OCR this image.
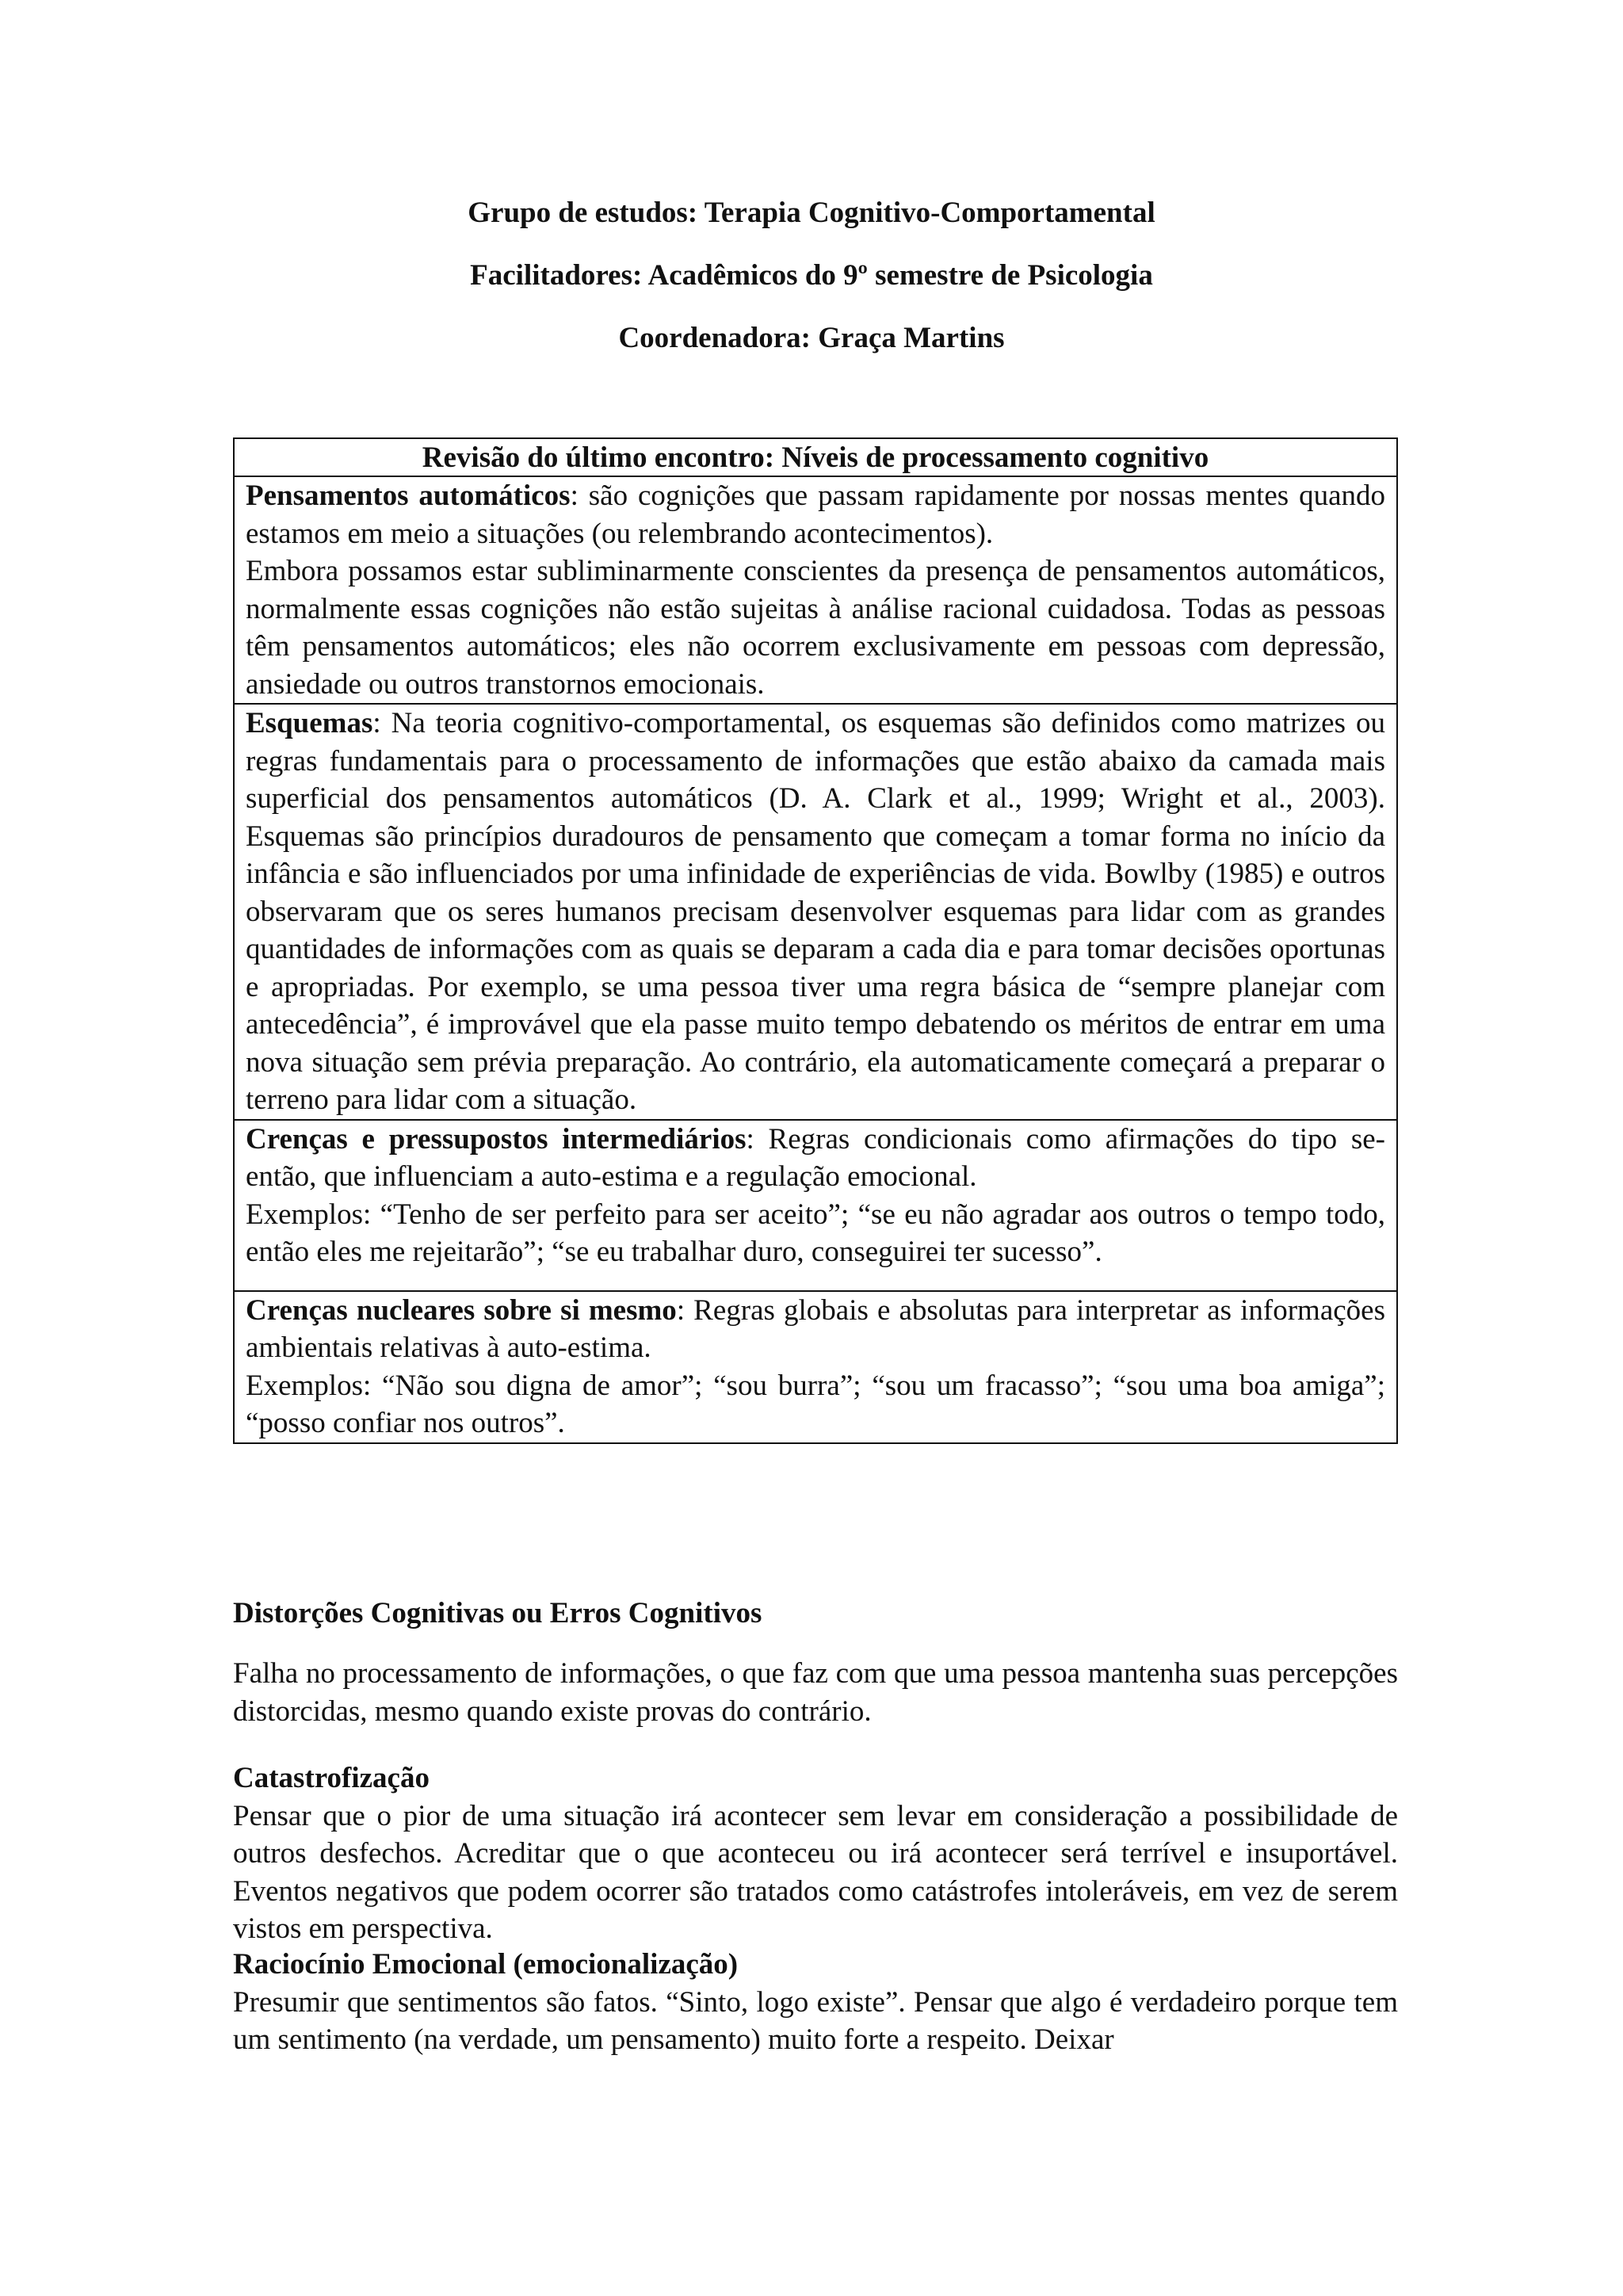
Grupo de estudos: Terapia Cognitivo-Comportamental
Facilitadores: Acadêmicos do 9º semestre de Psicologia
Coordenadora: Graça Martins
Revisão do último encontro: Níveis de processamento cognitivo

Pensamentos automáticos: são cognições que passam rapidamente por nossas mentes quando estamos em meio a situações (ou relembrando acontecimentos).

Embora possamos estar subliminarmente conscientes da presença de pensamentos automáticos, normalmente essas cognições não estão sujeitas à análise racional cuidadosa. Todas as pessoas têm pensamentos automáticos; eles não ocorrem exclusivamente em pessoas com depressão, ansiedade ou outros transtornos emocionais.

Esquemas: Na teoria cognitivo-comportamental, os esquemas são definidos como matrizes ou regras fundamentais para o processamento de informações que estão abaixo da camada mais superficial dos pensamentos automáticos (D. A. Clark et al., 1999; Wright et al., 2003). Esquemas são princípios duradouros de pensamento que começam a tomar forma no início da infância e são influenciados por uma infinidade de experiências de vida. Bowlby (1985) e outros observaram que os seres humanos precisam desenvolver esquemas para lidar com as grandes quantidades de informações com as quais se deparam a cada dia e para tomar decisões oportunas e apropriadas. Por exemplo, se uma pessoa tiver uma regra básica de “sempre planejar com antecedência”, é improvável que ela passe muito tempo debatendo os méritos de entrar em uma nova situação sem prévia preparação. Ao contrário, ela automaticamente começará a preparar o terreno para lidar com a situação.

Crenças e pressupostos intermediários: Regras condicionais como afirmações do tipo se-então, que influenciam a auto-estima e a regulação emocional.

Exemplos: “Tenho de ser perfeito para ser aceito”; “se eu não agradar aos outros o tempo todo, então eles me rejeitarão”; “se eu trabalhar duro, conseguirei ter sucesso”.

Crenças nucleares sobre si mesmo: Regras globais e absolutas para interpretar as informações ambientais relativas à auto-estima.

Exemplos: “Não sou digna de amor”; “sou burra”; “sou um fracasso”; “sou uma boa amiga”; “posso confiar nos outros”.

Distorções Cognitivas ou Erros Cognitivos

Falha no processamento de informações, o que faz com que uma pessoa mantenha suas percepções distorcidas, mesmo quando existe provas do contrário.

Catastrofização

Pensar que o pior de uma situação irá acontecer sem levar em consideração a possibilidade de outros desfechos. Acreditar que o que aconteceu ou irá acontecer será terrível e insuportável. Eventos negativos que podem ocorrer são tratados como catástrofes intoleráveis, em vez de serem vistos em perspectiva.

Raciocínio Emocional (emocionalização)

Presumir que sentimentos são fatos. “Sinto, logo existe”. Pensar que algo é verdadeiro porque tem um sentimento (na verdade, um pensamento) muito forte a respeito. Deixar
